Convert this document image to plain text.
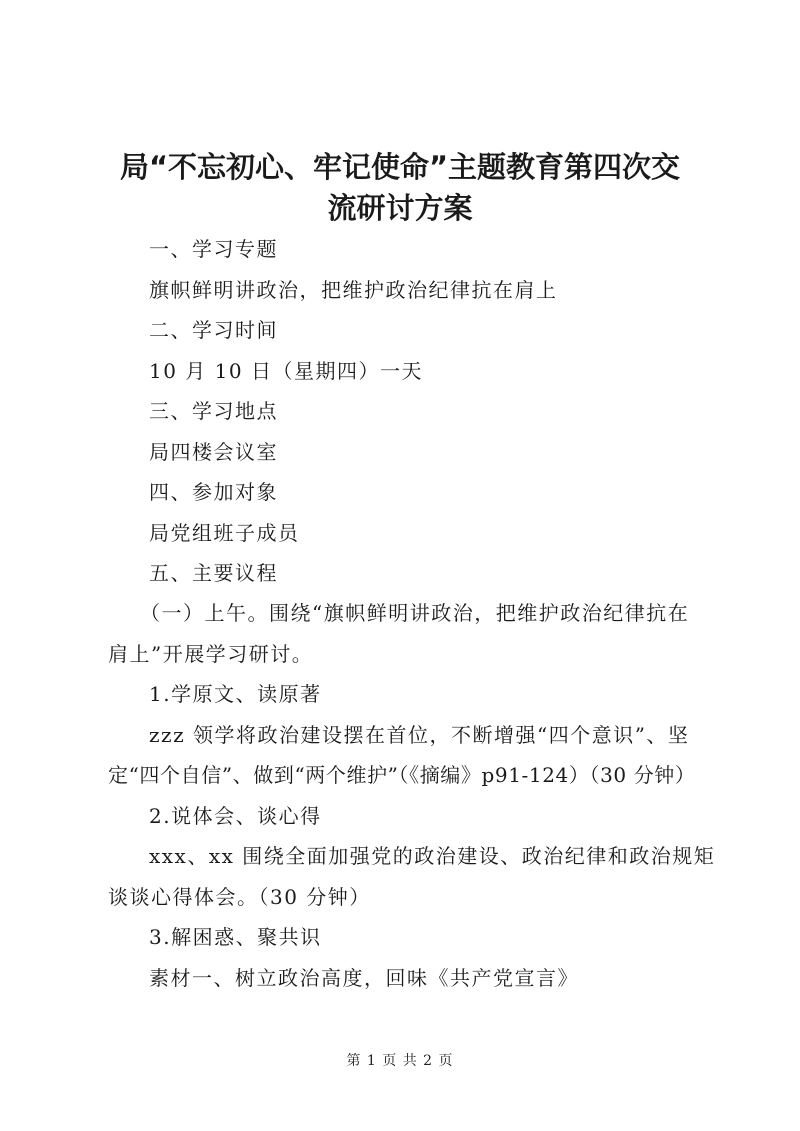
局“不忘初心、牢记使命”主题教育第四次交
流研讨方案

一、学习专题

旗帜鲜明讲政治，把维护政治纪律抗在肩上

二、学习时间

10 月 10 日（星期四）一天

三、学习地点

局四楼会议室

四、参加对象

局党组班子成员

五、主要议程

（一）上午。围绕“旗帜鲜明讲政治，把维护政治纪律抗在

肩上”开展学习研讨。

1.学原文、读原著

zzz 领学将政治建设摆在首位，不断增强“四个意识”、坚

定“四个自信”、做到“两个维护”（《摘编》p91-124）（30 分钟）

2.说体会、谈心得

xxx、xx 围绕全面加强党的政治建设、政治纪律和政治规矩

谈谈心得体会。（30 分钟）

3.解困惑、聚共识

素材一、树立政治高度，回味《共产党宣言》

第 1 页 共 2 页
